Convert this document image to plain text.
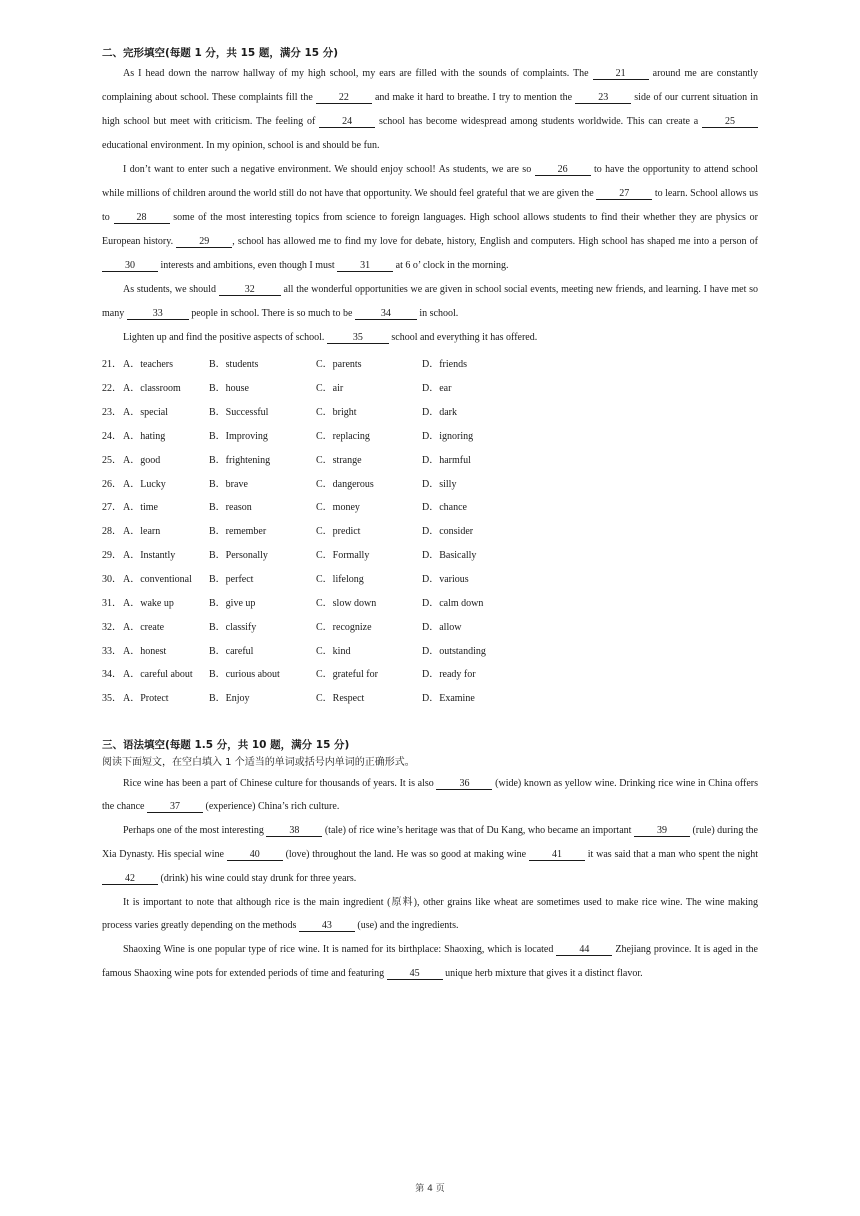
二、完形填空(每题 1 分，共 15 题，满分 15 分)

As I head down the narrow hallway of my high school, my ears are filled with the sounds of complaints. The 21 around me are constantly complaining about school. These complaints fill the 22 and make it hard to breathe. I try to mention the 23 side of our current situation in high school but meet with criticism. The feeling of 24 school has become widespread among students worldwide. This can create a 25 educational environment. In my opinion, school is and should be fun.

I don’t want to enter such a negative environment. We should enjoy school! As students, we are so 26 to have the opportunity to attend school while millions of children around the world still do not have that opportunity. We should feel grateful that we are given the 27 to learn. School allows us to 28 some of the most interesting topics from science to foreign languages. High school allows students to find their whether they are physics or European history. 29 , school has allowed me to find my love for debate, history, English and computers. High school has shaped me into a person of 30 interests and ambitions, even though I must 31 at 6 o’ clock in the morning.

As students, we should	32	all the wonderful opportunities we are given in school social events, meeting new friends, and learning. I have met so many	33	people in school. There is so much to be	34	in school.

Lighten up and find the positive aspects of school.	35	school and everything it has offered.

21． A．teachers	B．students	C．parents	D．friends
22． A．classroom	B．house	C．air	D．ear
23． A．special	B．Successful	C．bright	D．dark
24． A．hating	B．Improving	C．replacing	D．ignoring
25． A．good	B．frightening	C．strange	D．harmful
26． A．Lucky	B．brave	C．dangerous	D．silly
27． A．time	B．reason	C．money	D．chance
28． A．learn	B．remember	C．predict	D．consider
29． A．Instantly	B．Personally	C．Formally	D．Basically
30． A．conventional	B．perfect	C．lifelong	D．various
31． A．wake up	B．give up	C．slow down	D．calm down
32． A．create	B．classify	C．recognize	D．allow
33． A．honest	B．careful	C．kind	D．outstanding
34． A．careful about	B．curious about	C．grateful for	D．ready for
35． A．Protect	B．Enjoy	C．Respect	D．Examine
三、语法填空(每题 1.5 分，共 10 题，满分 15 分)

阅读下面短文，在空白填入 1 个适当的单词或括号内单词的正确形式。

Rice wine has been a part of Chinese culture for thousands of years. It is also 36 (wide) known as yellow wine. Drinking rice wine in China offers the chance 37 (experience) China’s rich culture.

Perhaps one of the most interesting 38 (tale) of rice wine’s heritage was that of Du Kang, who became an important 39 (rule) during the Xia Dynasty. His special wine 40 (love) throughout the land. He was so good at making wine 41 it was said that a man who spent the night 42 (drink) his wine could stay drunk for three years.

It is important to note that although rice is the main ingredient (原料), other grains like wheat are sometimes used to make rice wine. The wine making process varies greatly depending on the methods 43 (use) and the ingredients.

Shaoxing Wine is one popular type of rice wine. It is named for its birthplace: Shaoxing, which is located 44 Zhejiang province. It is aged in the famous Shaoxing wine pots for extended periods of time and featuring 45 unique herb mixture that gives it a distinct flavor.

第 4 页
